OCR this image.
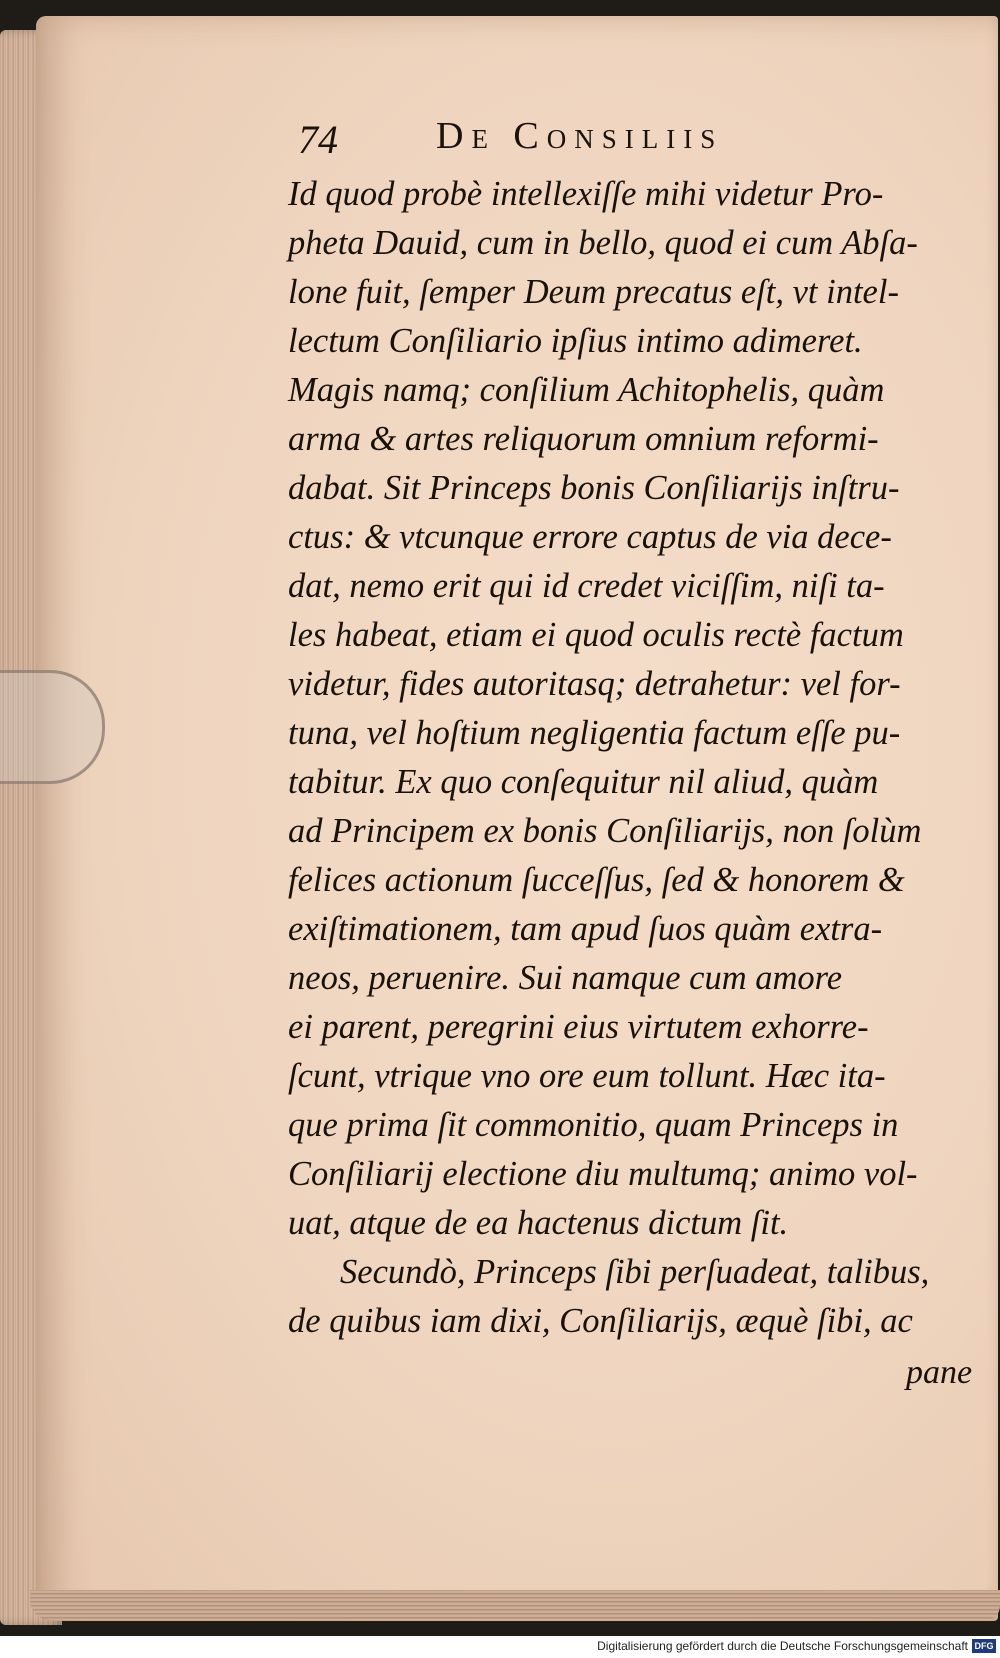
74	De Consiliis
Id quod probè intellexiſſe mihi videtur Pro-
pheta Dauid, cum in bello, quod ei cum Abſa-
lone fuit, ſemper Deum precatus eſt, vt intel-
lectum Conſiliario ipſius intimo adimeret.
Magis namq; conſilium Achitophelis, quàm
arma & artes reliquorum omnium reformi-
dabat. Sit Princeps bonis Conſiliarijs inſtru-
ctus: & vtcunque errore captus de via dece-
dat, nemo erit qui id credet viciſſim, niſi ta-
les habeat, etiam ei quod oculis rectè factum
videtur, fides autoritasq; detrahetur: vel for-
tuna, vel hoſtium negligentia factum eſſe pu-
tabitur. Ex quo conſequitur nil aliud, quàm
ad Principem ex bonis Conſiliarijs, non ſolùm
felices actionum ſucceſſus, ſed & honorem &
exiſtimationem, tam apud ſuos quàm extra-
neos, peruenire. Sui namque cum amore
ei parent, peregrini eius virtutem exhorre-
ſcunt, vtrique vno ore eum tollunt. Hæc ita-
que prima ſit commonitio, quam Princeps in
Conſiliarij electione diu multumq; animo vol-
uat, atque de ea hactenus dictum ſit.
Secundò, Princeps ſibi perſuadeat, talibus,
de quibus iam dixi, Conſiliarijs, æquè ſibi, ac
pane
Digitalisierung gefördert durch die Deutsche Forschungsgemeinschaft DFG
